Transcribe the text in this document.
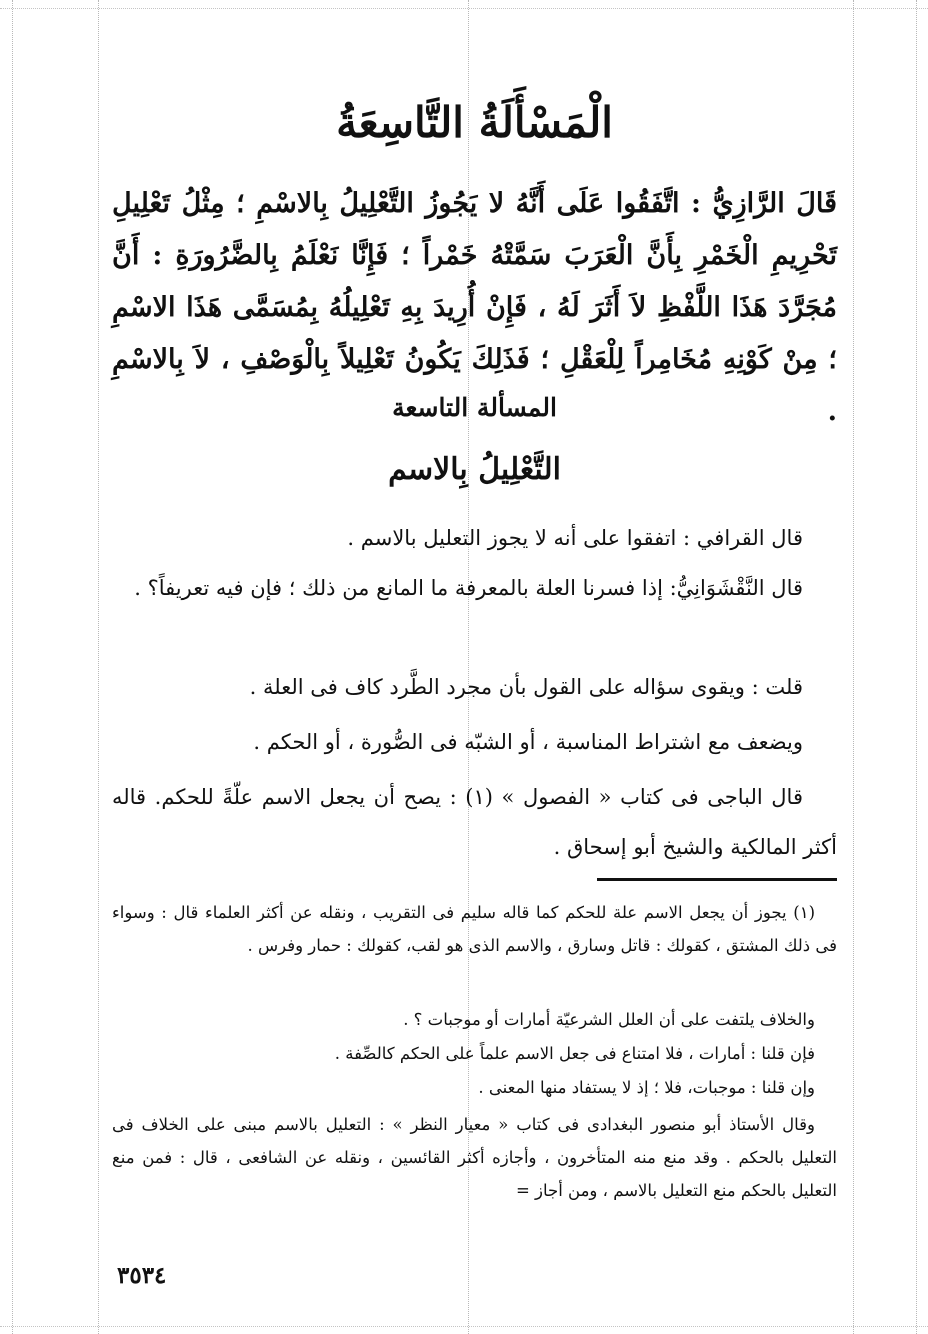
الْمَسْأَلَةُ التَّاسِعَةُ

قَالَ الرَّازِيُّ : اتَّفَقُوا عَلَى أَنَّهُ لا يَجُوزُ التَّعْلِيلُ بِالاسْمِ ؛ مِثْلُ تَعْلِيلِ تَحْرِيمِ الْخَمْرِ بِأَنَّ الْعَرَبَ سَمَّتْهُ خَمْراً ؛ فَإِنَّا نَعْلَمُ بِالضَّرُورَةِ : أَنَّ مُجَرَّدَ هَذَا اللَّفْظِ لاَ أَثَرَ لَهُ ، فَإِنْ أُرِيدَ بِهِ تَعْلِيلُهُ بِمُسَمَّى هَذَا الاسْمِ ؛ مِنْ كَوْنِهِ مُخَامِراً لِلْعَقْلِ ؛ فَذَلِكَ يَكُونُ تَعْلِيلاً بِالْوَصْفِ ، لاَ بِالاسْمِ .

المسألة التاسعة
التَّعْلِيلُ بِالاسم

قال القرافي : اتفقوا على أنه لا يجوز التعليل بالاسم .

قال النَّقْشَوَانِيُّ: إذا فسرنا العلة بالمعرفة ما المانع من ذلك ؛ فإن فيه تعريفاً؟ .

قلت : ويقوى سؤاله على القول بأن مجرد الطَّرد كاف فى العلة .

ويضعف مع اشتراط المناسبة ، أو الشبّه فى الصُّورة ، أو الحكم .

قال الباجى فى كتاب « الفصول » (١) : يصح أن يجعل الاسم علّةً للحكم. قاله أكثر المالكية والشيخ أبو إسحاق .

(١) يجوز أن يجعل الاسم علة للحكم كما قاله سليم فى التقريب ، ونقله عن أكثر العلماء قال : وسواء فى ذلك المشتق ، كقولك : قاتل وسارق ، والاسم الذى هو لقب، كقولك : حمار وفرس .

والخلاف يلتفت على أن العلل الشرعيّة أمارات أو موجبات ؟ .

فإن قلنا : أمارات ، فلا امتناع فى جعل الاسم علماً على الحكم كالصِّفة .

وإن قلنا : موجبات، فلا ؛ إذ لا يستفاد منها المعنى .

وقال الأستاذ أبو منصور البغدادى فى كتاب « معيار النظر » : التعليل بالاسم مبنى على الخلاف فى التعليل بالحكم . وقد منع منه المتأخرون ، وأجازه أكثر القائسين ، ونقله عن الشافعى ، قال : فمن منع التعليل بالحكم منع التعليل بالاسم ، ومن أجاز =

٣٥٣٤
